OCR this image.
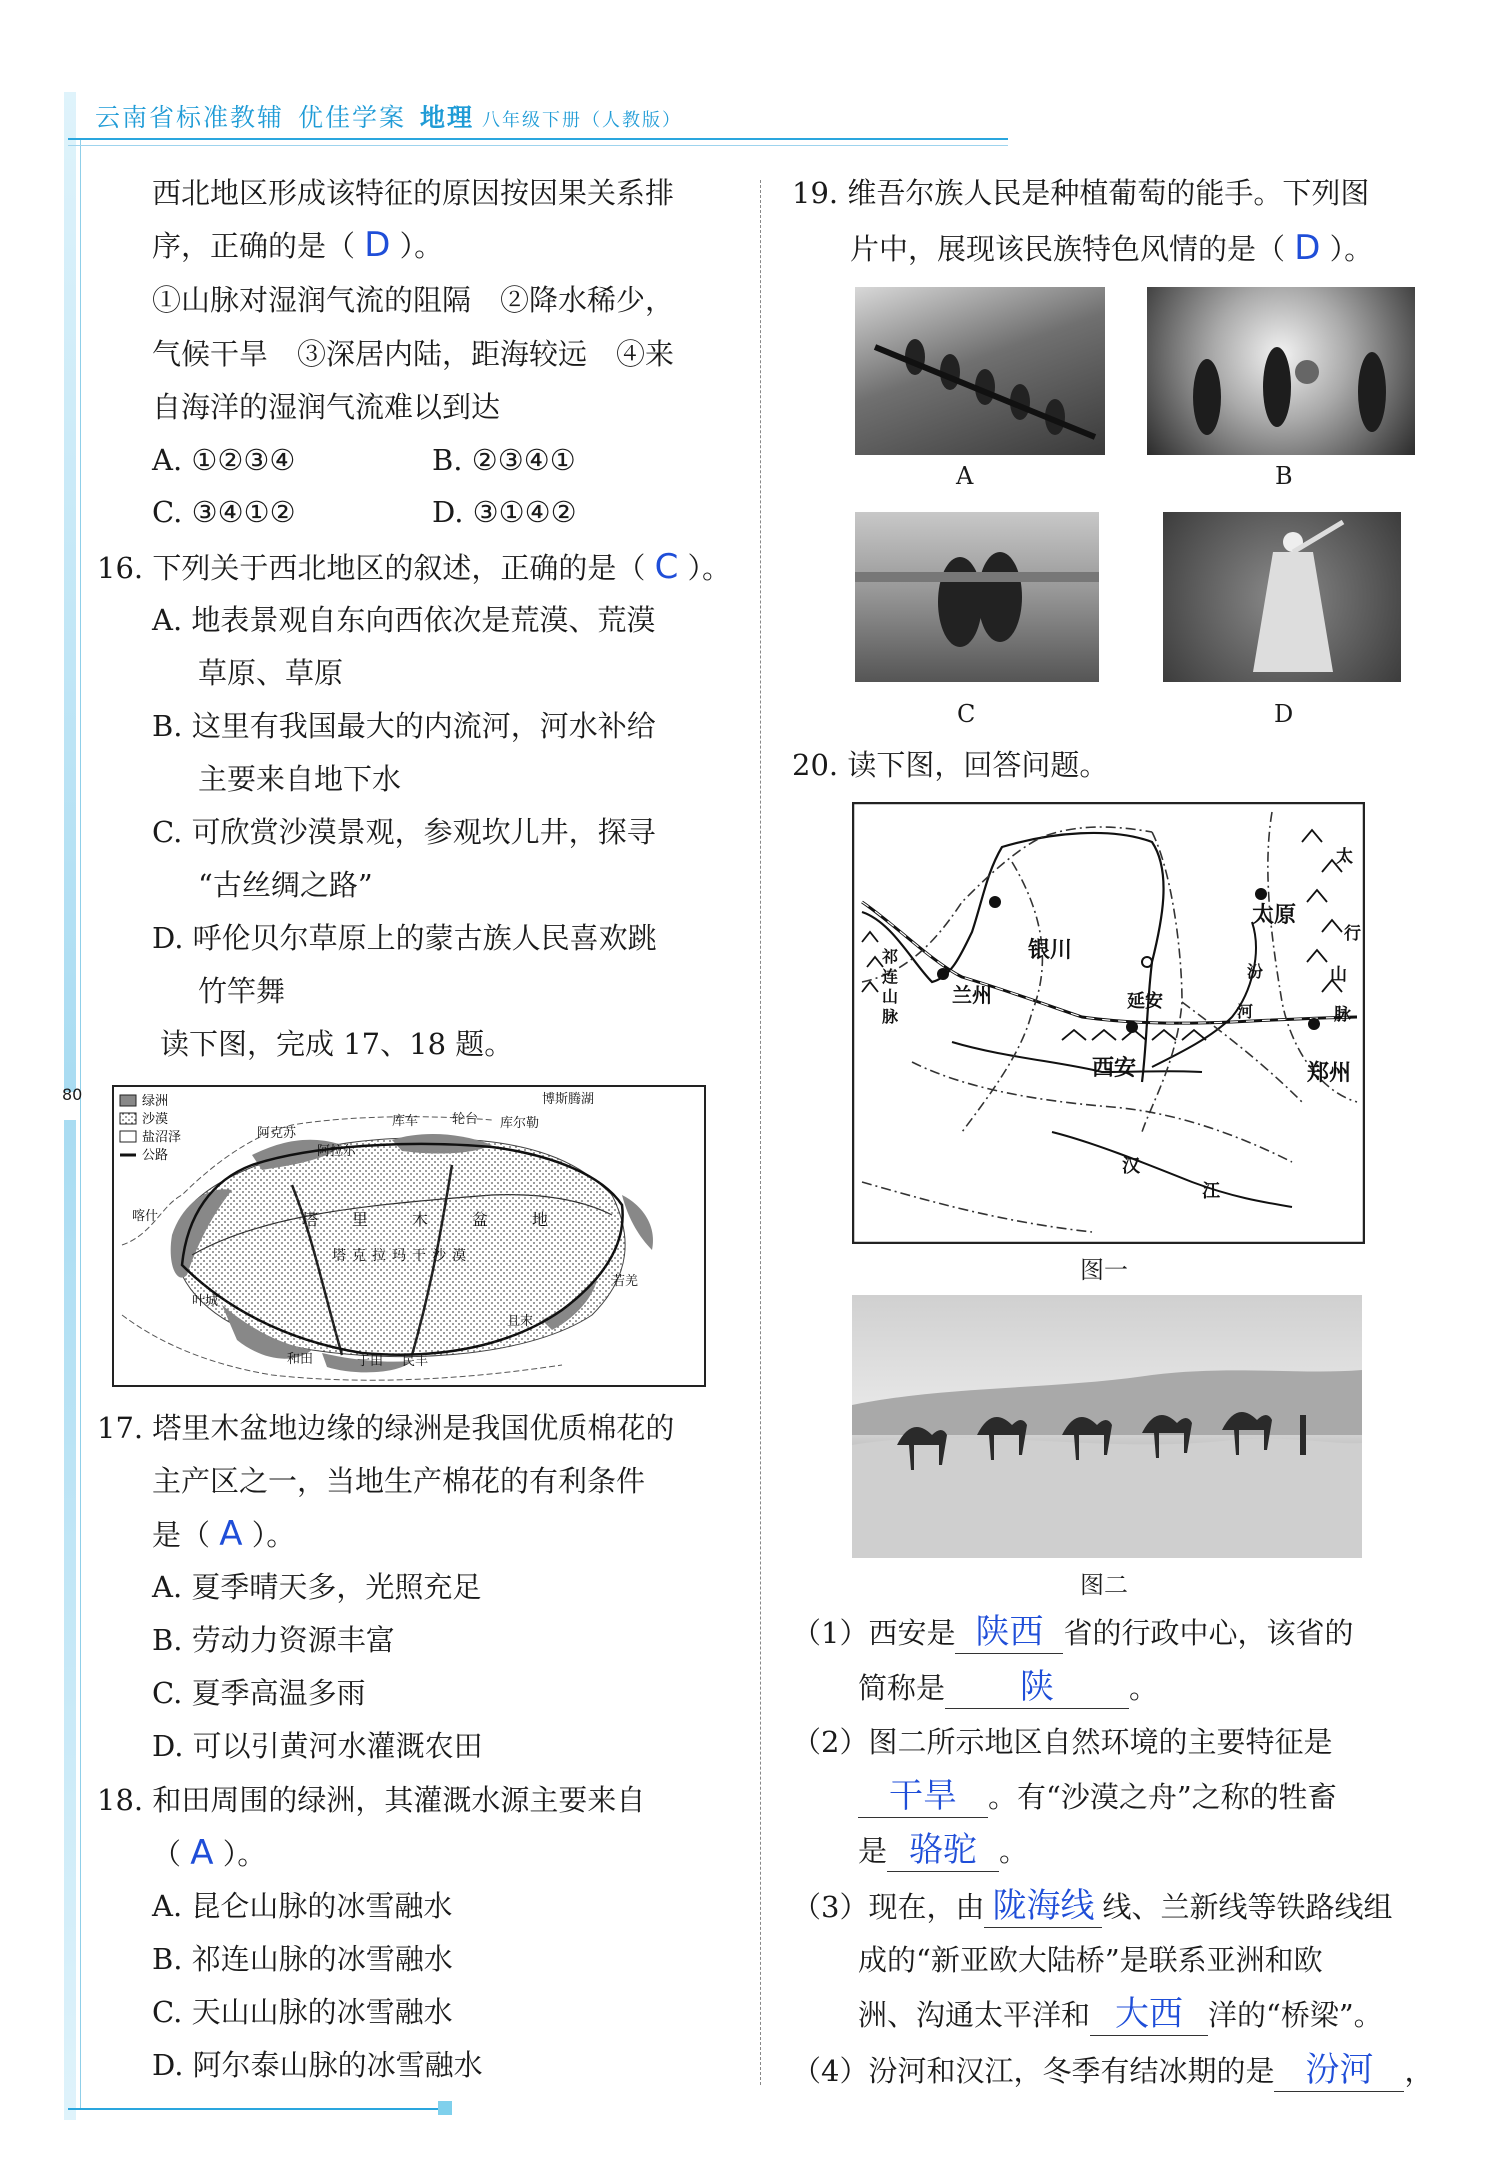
云南省标准教辅 优佳学案 地理 八年级下册（人教版）
80
西北地区形成该特征的原因按因果关系排
序，正确的是（ D ）。
①山脉对湿润气流的阻隔　②降水稀少，
气候干旱　③深居内陆，距海较远　④来
自海洋的湿润气流难以到达
A. ①②③④	B. ②③④①
C. ③④①②	D. ③①④②
16. 下列关于西北地区的叙述，正确的是（ C ）。
A. 地表景观自东向西依次是荒漠、荒漠
草原、草原
B. 这里有我国最大的内流河，河水补给
主要来自地下水
C. 可欣赏沙漠景观，参观坎儿井，探寻
“古丝绸之路”
D. 呼伦贝尔草原上的蒙古族人民喜欢跳
竹竿舞
读下图，完成 17、18 题。
绿洲
沙漠
盐沼泽
公路
博斯腾湖
阿克苏
阿拉尔
库车	轮台 库尔勒
喀什	塔 里	木	盆	地
塔克拉玛干沙漠
叶城
和田	于田 民丰
且末
若羌
17. 塔里木盆地边缘的绿洲是我国优质棉花的
主产区之一，当地生产棉花的有利条件
是（ A ）。
A. 夏季晴天多，光照充足
B. 劳动力资源丰富
C. 夏季高温多雨
D. 可以引黄河水灌溉农田
18. 和田周围的绿洲，其灌溉水源主要来自
（ A ）。
A. 昆仑山脉的冰雪融水
B. 祁连山脉的冰雪融水
C. 天山山脉的冰雪融水
D. 阿尔泰山脉的冰雪融水
19. 维吾尔族人民是种植葡萄的能手。下列图
片中，展现该民族特色风情的是（ D ）。
A	B
C	D
20. 读下图，回答问题。
太原
太
行
山
脉
银川
祁
连
山
脉
兰州	延安
汾
河
西安	郑州
汉
江
图一
图二
（1）西安是 陕西 省的行政中心，该省的
简称是 陕	。
（2）图二所示地区自然环境的主要特征是
干旱 。有“沙漠之舟”之称的牲畜
是 骆驼 。
（3）现在，由 陇海线 线、兰新线等铁路线组
成的“新亚欧大陆桥”是联系亚洲和欧
洲、沟通太平洋和 大西 洋的“桥梁”。
（4）汾河和汉江，冬季有结冰期的是 汾河 ，
